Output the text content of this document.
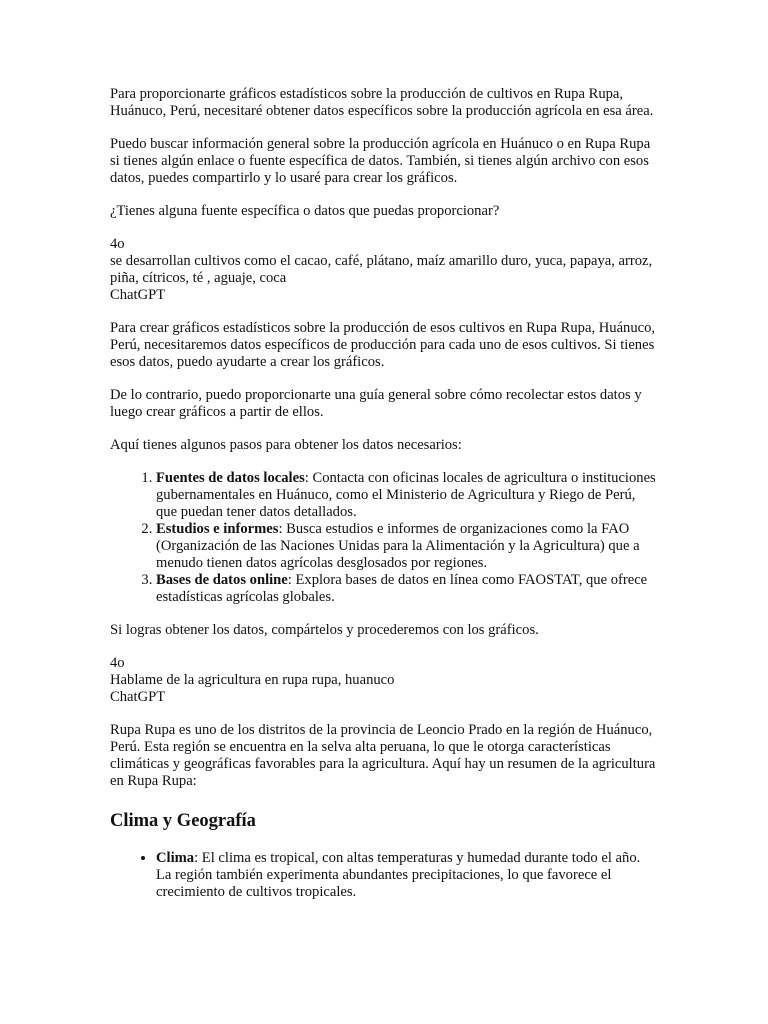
Para proporcionarte gráficos estadísticos sobre la producción de cultivos en Rupa Rupa, Huánuco, Perú, necesitaré obtener datos específicos sobre la producción agrícola en esa área.

Puedo buscar información general sobre la producción agrícola en Huánuco o en Rupa Rupa si tienes algún enlace o fuente específica de datos. También, si tienes algún archivo con esos datos, puedes compartirlo y lo usaré para crear los gráficos.

¿Tienes alguna fuente específica o datos que puedas proporcionar?

4o

se desarrollan cultivos como el cacao, café, plátano, maíz amarillo duro, yuca, papaya, arroz, piña, cítricos, té , aguaje, coca

ChatGPT

Para crear gráficos estadísticos sobre la producción de esos cultivos en Rupa Rupa, Huánuco, Perú, necesitaremos datos específicos de producción para cada uno de esos cultivos. Si tienes esos datos, puedo ayudarte a crear los gráficos.

De lo contrario, puedo proporcionarte una guía general sobre cómo recolectar estos datos y luego crear gráficos a partir de ellos.

Aquí tienes algunos pasos para obtener los datos necesarios:

1. Fuentes de datos locales: Contacta con oficinas locales de agricultura o instituciones gubernamentales en Huánuco, como el Ministerio de Agricultura y Riego de Perú, que puedan tener datos detallados.
2. Estudios e informes: Busca estudios e informes de organizaciones como la FAO (Organización de las Naciones Unidas para la Alimentación y la Agricultura) que a menudo tienen datos agrícolas desglosados por regiones.
3. Bases de datos online: Explora bases de datos en línea como FAOSTAT, que ofrece estadísticas agrícolas globales.

Si logras obtener los datos, compártelos y procederemos con los gráficos.

4o

Hablame de la agricultura en rupa rupa, huanuco

ChatGPT

Rupa Rupa es uno de los distritos de la provincia de Leoncio Prado en la región de Huánuco, Perú. Esta región se encuentra en la selva alta peruana, lo que le otorga características climáticas y geográficas favorables para la agricultura. Aquí hay un resumen de la agricultura en Rupa Rupa:

Clima y Geografía
• Clima: El clima es tropical, con altas temperaturas y humedad durante todo el año. La región también experimenta abundantes precipitaciones, lo que favorece el crecimiento de cultivos tropicales.
